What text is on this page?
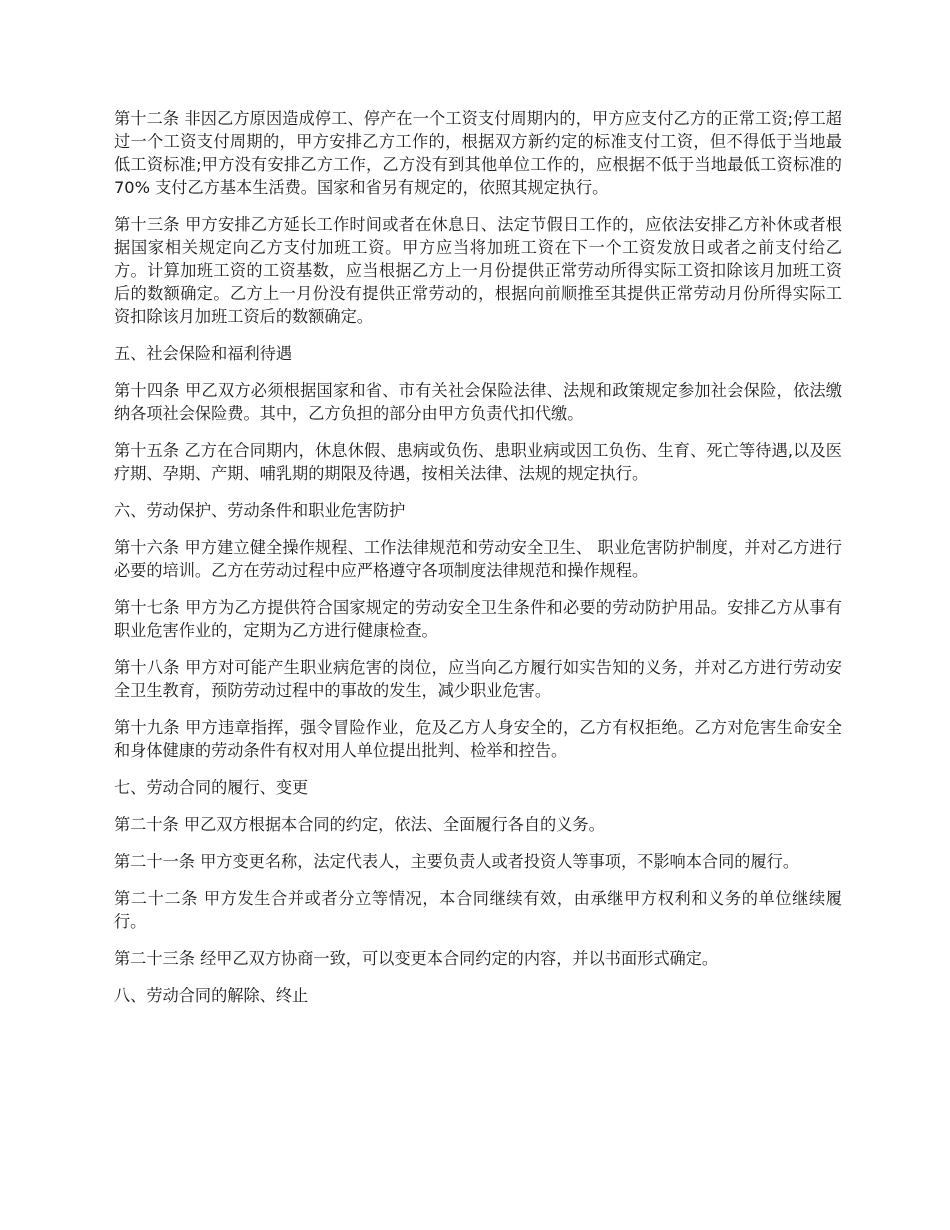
第十二条 非因乙方原因造成停工、停产在一个工资支付周期内的，甲方应支付乙方的正常工资;停工超过一个工资支付周期的，甲方安排乙方工作的，根据双方新约定的标准支付工资，但不得低于当地最低工资标准;甲方没有安排乙方工作，乙方没有到其他单位工作的，应根据不低于当地最低工资标准的 70% 支付乙方基本生活费。国家和省另有规定的，依照其规定执行。

第十三条 甲方安排乙方延长工作时间或者在休息日、法定节假日工作的，应依法安排乙方补休或者根据国家相关规定向乙方支付加班工资。甲方应当将加班工资在下一个工资发放日或者之前支付给乙方。计算加班工资的工资基数，应当根据乙方上一月份提供正常劳动所得实际工资扣除该月加班工资后的数额确定。乙方上一月份没有提供正常劳动的，根据向前顺推至其提供正常劳动月份所得实际工资扣除该月加班工资后的数额确定。

五、社会保险和福利待遇

第十四条 甲乙双方必须根据国家和省、市有关社会保险法律、法规和政策规定参加社会保险，依法缴纳各项社会保险费。其中，乙方负担的部分由甲方负责代扣代缴。

第十五条 乙方在合同期内，休息休假、患病或负伤、患职业病或因工负伤、生育、死亡等待遇,以及医疗期、孕期、产期、哺乳期的期限及待遇，按相关法律、法规的规定执行。

六、劳动保护、劳动条件和职业危害防护

第十六条 甲方建立健全操作规程、工作法律规范和劳动安全卫生、 职业危害防护制度，并对乙方进行必要的培训。乙方在劳动过程中应严格遵守各项制度法律规范和操作规程。

第十七条 甲方为乙方提供符合国家规定的劳动安全卫生条件和必要的劳动防护用品。安排乙方从事有职业危害作业的，定期为乙方进行健康检查。

第十八条 甲方对可能产生职业病危害的岗位，应当向乙方履行如实告知的义务，并对乙方进行劳动安全卫生教育，预防劳动过程中的事故的发生，减少职业危害。

第十九条 甲方违章指挥，强令冒险作业，危及乙方人身安全的，乙方有权拒绝。乙方对危害生命安全和身体健康的劳动条件有权对用人单位提出批判、检举和控告。

七、劳动合同的履行、变更

第二十条 甲乙双方根据本合同的约定，依法、全面履行各自的义务。

第二十一条 甲方变更名称，法定代表人，主要负责人或者投资人等事项，不影响本合同的履行。

第二十二条 甲方发生合并或者分立等情况，本合同继续有效，由承继甲方权利和义务的单位继续履行。

第二十三条 经甲乙双方协商一致，可以变更本合同约定的内容，并以书面形式确定。

八、劳动合同的解除、终止
